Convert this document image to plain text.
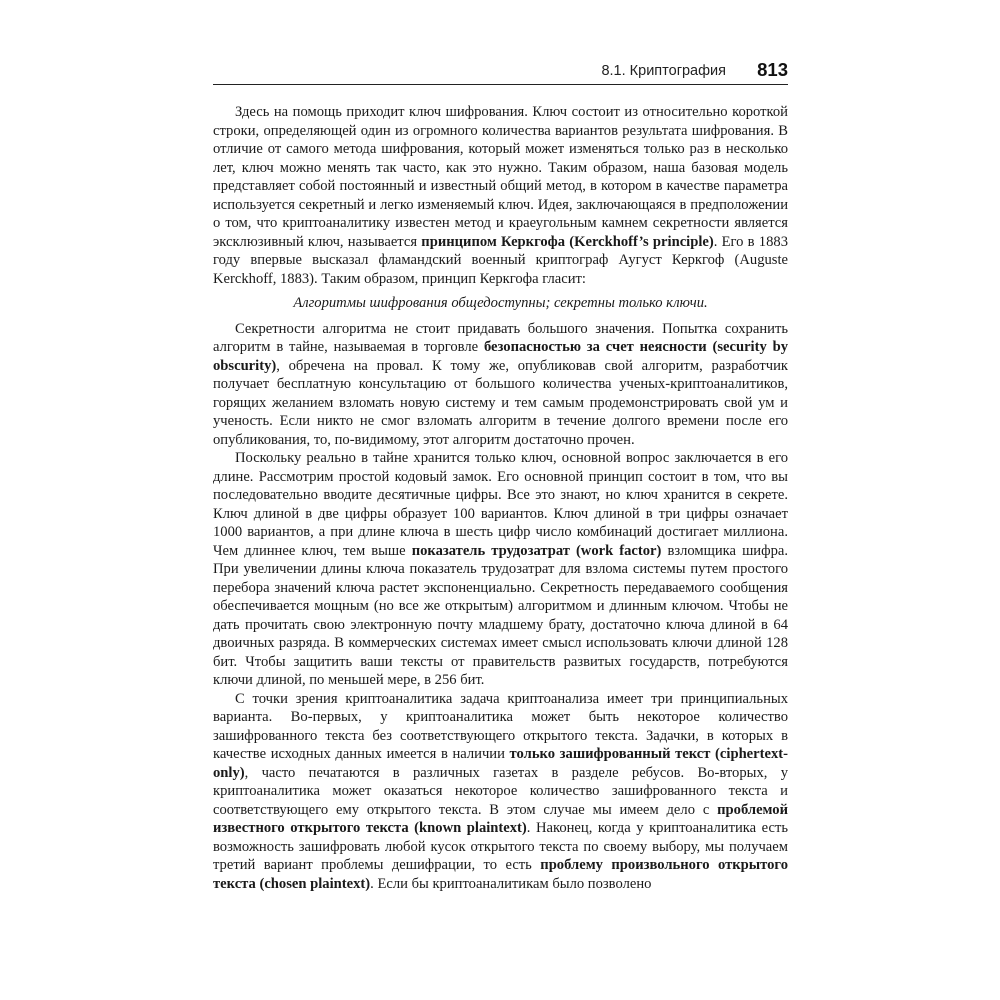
8.1. Криптография 813

Здесь на помощь приходит ключ шифрования. Ключ состоит из относительно короткой строки, определяющей один из огромного количества вариантов результата шифрования. В отличие от самого метода шифрования, который может изменяться только раз в несколько лет, ключ можно менять так часто, как это нужно. Таким образом, наша базовая модель представляет собой постоянный и известный общий метод, в котором в качестве параметра используется секретный и легко изменяемый ключ. Идея, заключающаяся в предположении о том, что криптоаналитику известен метод и краеугольным камнем секретности является эксклюзивный ключ, называется принципом Керкгофа (Kerckhoff’s principle). Его в 1883 году впервые высказал фламандский военный криптограф Аугуст Керкгоф (Auguste Kerckhoff, 1883). Таким образом, принцип Керкгофа гласит:

Алгоритмы шифрования общедоступны; секретны только ключи.

Секретности алгоритма не стоит придавать большого значения. Попытка сохранить алгоритм в тайне, называемая в торговле безопасностью за счет неясности (security by obscurity), обречена на провал. К тому же, опубликовав свой алгоритм, разработчик получает бесплатную консультацию от большого количества ученых-криптоаналитиков, горящих желанием взломать новую систему и тем самым продемонстрировать свой ум и ученость. Если никто не смог взломать алгоритм в течение долгого времени после его опубликования, то, по-видимому, этот алгоритм достаточно прочен.

Поскольку реально в тайне хранится только ключ, основной вопрос заключается в его длине. Рассмотрим простой кодовый замок. Его основной принцип состоит в том, что вы последовательно вводите десятичные цифры. Все это знают, но ключ хранится в секрете. Ключ длиной в две цифры образует 100 вариантов. Ключ длиной в три цифры означает 1000 вариантов, а при длине ключа в шесть цифр число комбинаций достигает миллиона. Чем длиннее ключ, тем выше показатель трудозатрат (work factor) взломщика шифра. При увеличении длины ключа показатель трудозатрат для взлома системы путем простого перебора значений ключа растет экспоненциально. Секретность передаваемого сообщения обеспечивается мощным (но все же открытым) алгоритмом и длинным ключом. Чтобы не дать прочитать свою электронную почту младшему брату, достаточно ключа длиной в 64 двоичных разряда. В коммерческих системах имеет смысл использовать ключи длиной 128 бит. Чтобы защитить ваши тексты от правительств развитых государств, потребуются ключи длиной, по меньшей мере, в 256 бит.

С точки зрения криптоаналитика задача криптоанализа имеет три принципиальных варианта. Во-первых, у криптоаналитика может быть некоторое количество зашифрованного текста без соответствующего открытого текста. Задачки, в которых в качестве исходных данных имеется в наличии только зашифрованный текст (ciphertext-only), часто печатаются в различных газетах в разделе ребусов. Во-вторых, у криптоаналитика может оказаться некоторое количество зашифрованного текста и соответствующего ему открытого текста. В этом случае мы имеем дело с проблемой известного открытого текста (known plaintext). Наконец, когда у криптоаналитика есть возможность зашифровать любой кусок открытого текста по своему выбору, мы получаем третий вариант проблемы дешифрации, то есть проблему произвольного открытого текста (chosen plaintext). Если бы криптоаналитикам было позволено
